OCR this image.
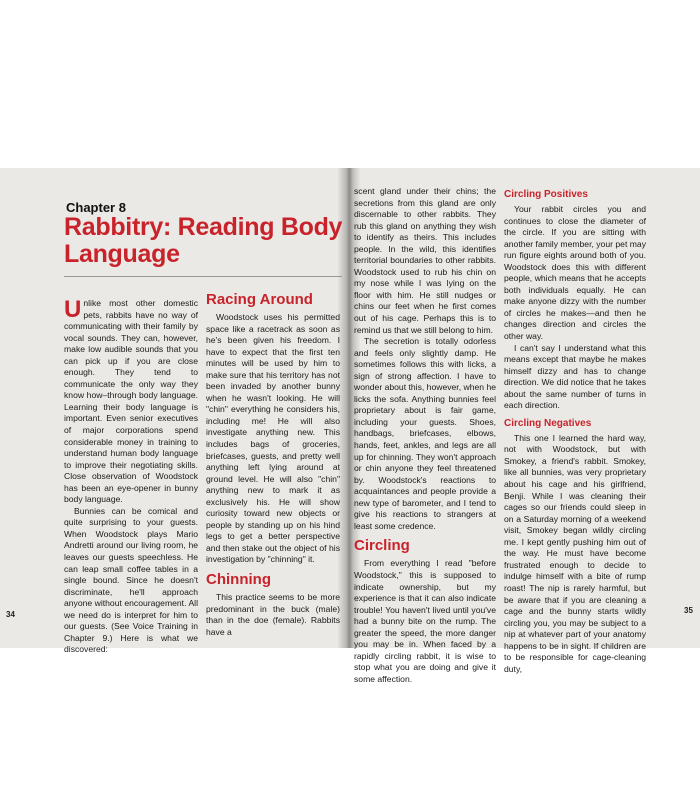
Chapter 8
Rabbitry: Reading Body Language

Unlike most other domestic pets, rabbits have no way of communicating with their family by vocal sounds. They can, however, make low audible sounds that you can pick up if you are close enough. They tend to communicate the only way they know how–through body language. Learning their body language is important. Even senior executives of major corporations spend considerable money in training to understand human body language to improve their negotiating skills. Close observation of Woodstock has been an eye-opener in bunny body language.

Bunnies can be comical and quite surprising to your guests. When Woodstock plays Mario Andretti around our living room, he leaves our guests speechless. He can leap small coffee tables in a single bound. Since he doesn't discriminate, he'll approach anyone without encouragement. All we need do is interpret for him to our guests. (See Voice Training in Chapter 9.) Here is what we discovered:

Racing Around

Woodstock uses his permitted space like a racetrack as soon as he's been given his freedom. I have to expect that the first ten minutes will be used by him to make sure that his territory has not been invaded by another bunny when he wasn't looking. He will "chin" everything he considers his, including me! He will also investigate anything new. This includes bags of groceries, briefcases, guests, and pretty well anything left lying around at ground level. He will also "chin" anything new to mark it as exclusively his. He will show curiosity toward new objects or people by standing up on his hind legs to get a better perspective and then stake out the object of his investigation by "chinning" it.

Chinning

This practice seems to be more predominant in the buck (male) than in the doe (female). Rabbits have a

34

scent gland under their chins; the secretions from this gland are only discernable to other rabbits. They rub this gland on anything they wish to identify as theirs. This includes people. In the wild, this identifies territorial boundaries to other rabbits. Woodstock used to rub his chin on my nose while I was lying on the floor with him. He still nudges or chins our feet when he first comes out of his cage. Perhaps this is to remind us that we still belong to him.

The secretion is totally odorless and feels only slightly damp. He sometimes follows this with licks, a sign of strong affection. I have to wonder about this, however, when he licks the sofa. Anything bunnies feel proprietary about is fair game, including your guests. Shoes, handbags, briefcases, elbows, hands, feet, ankles, and legs are all up for chinning. They won't approach or chin anyone they feel threatened by. Woodstock's reactions to acquaintances and people provide a new type of barometer, and I tend to give his reactions to strangers at least some credence.

Circling

From everything I read "before Woodstock," this is supposed to indicate ownership, but my experience is that it can also indicate trouble! You haven't lived until you've had a bunny bite on the rump. The greater the speed, the more danger you may be in. When faced by a rapidly circling rabbit, it is wise to stop what you are doing and give it some affection.

Circling Positives

Your rabbit circles you and continues to close the diameter of the circle. If you are sitting with another family member, your pet may run figure eights around both of you. Woodstock does this with different people, which means that he accepts both individuals equally. He can make anyone dizzy with the number of circles he makes—and then he changes direction and circles the other way.

I can't say I understand what this means except that maybe he makes himself dizzy and has to change direction. We did notice that he takes about the same number of turns in each direction.

Circling Negatives

This one I learned the hard way, not with Woodstock, but with Smokey, a friend's rabbit. Smokey, like all bunnies, was very proprietary about his cage and his girlfriend, Benji. While I was cleaning their cages so our friends could sleep in on a Saturday morning of a weekend visit, Smokey began wildly circling me. I kept gently pushing him out of the way. He must have become frustrated enough to decide to indulge himself with a bite of rump roast! The nip is rarely harmful, but be aware that if you are cleaning a cage and the bunny starts wildly circling you, you may be subject to a nip at whatever part of your anatomy happens to be in sight. If children are to be responsible for cage-cleaning duty,

35
